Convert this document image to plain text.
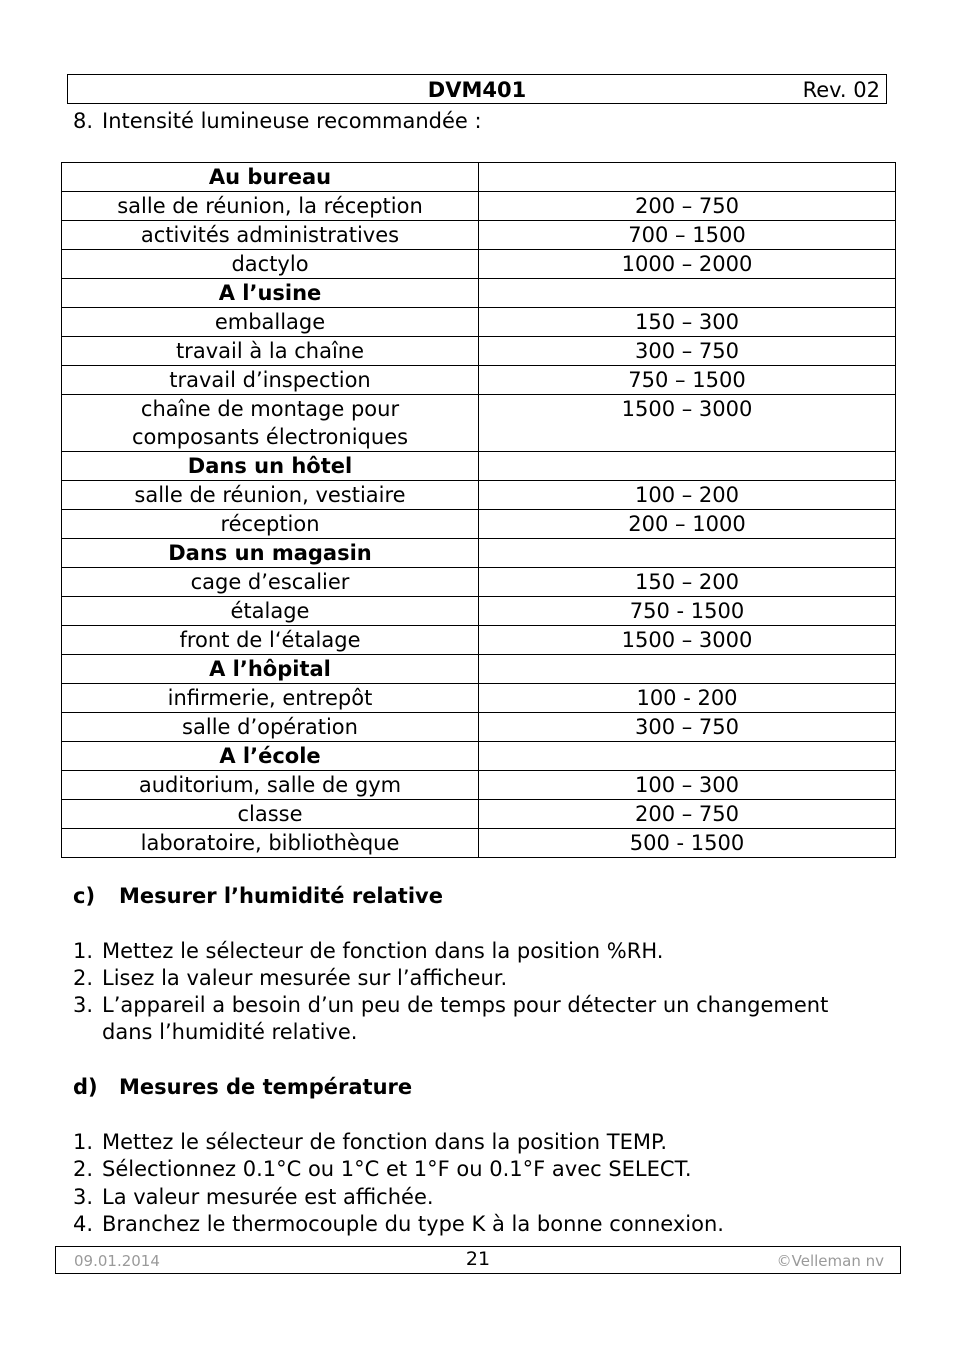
DVM401	Rev. 02
8. Intensité lumineuse recommandée :
Au bureau	
salle de réunion, la réception	200 – 750
activités administratives	700 – 1500
dactylo	1000 – 2000
A l’usine	
emballage	150 – 300
travail à la chaîne	300 – 750
travail d’inspection	750 – 1500

chaîne de montage pour
composants électroniques	1500 – 3000
Dans un hôtel	
salle de réunion, vestiaire	100 – 200
réception	200 – 1000
Dans un magasin	
cage d’escalier	150 – 200
étalage	750 - 1500
front de l‘étalage	1500 – 3000
A l’hôpital	
infirmerie, entrepôt	100 - 200
salle d’opération	300 – 750
A l’école	
auditorium, salle de gym	100 – 300
classe	200 – 750
laboratoire, bibliothèque	500 - 1500
c) Mesurer l’humidité relative
1. Mettez le sélecteur de fonction dans la position %RH.
2. Lisez la valeur mesurée sur l’afficheur.
3. L’appareil a besoin d’un peu de temps pour détecter un changement
dans l’humidité relative.
d) Mesures de température
1. Mettez le sélecteur de fonction dans la position TEMP.
2. Sélectionnez 0.1°C ou 1°C et 1°F ou 0.1°F avec SELECT.
3. La valeur mesurée est affichée.
4. Branchez le thermocouple du type K à la bonne connexion.
09.01.2014	21	©Velleman nv
